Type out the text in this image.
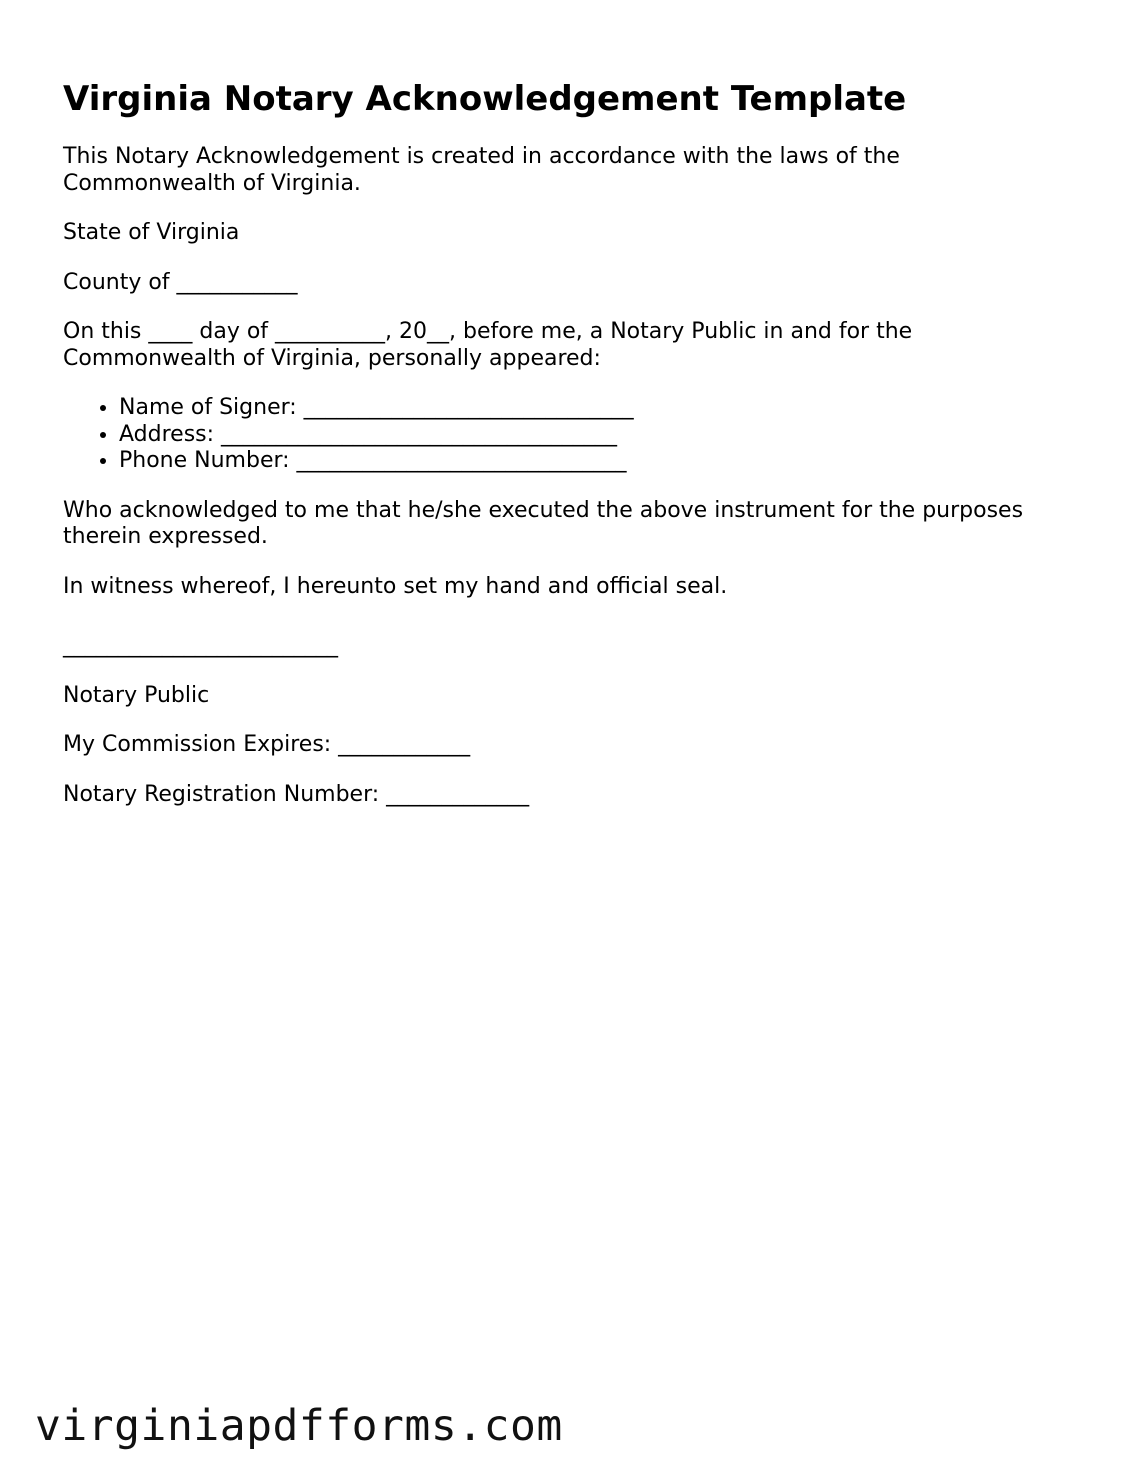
Virginia Notary Acknowledgement Template

This Notary Acknowledgement is created in accordance with the laws of the Commonwealth of Virginia.

State of Virginia

County of ___________

On this ____ day of __________, 20__, before me, a Notary Public in and for the Commonwealth of Virginia, personally appeared:

• Name of Signer: ______________________________
• Address: ____________________________________
• Phone Number: ______________________________

Who acknowledged to me that he/she executed the above instrument for the purposes therein expressed.

In witness whereof, I hereunto set my hand and official seal.

_________________________

Notary Public

My Commission Expires: ____________

Notary Registration Number: _____________

virginiapdfforms.com
